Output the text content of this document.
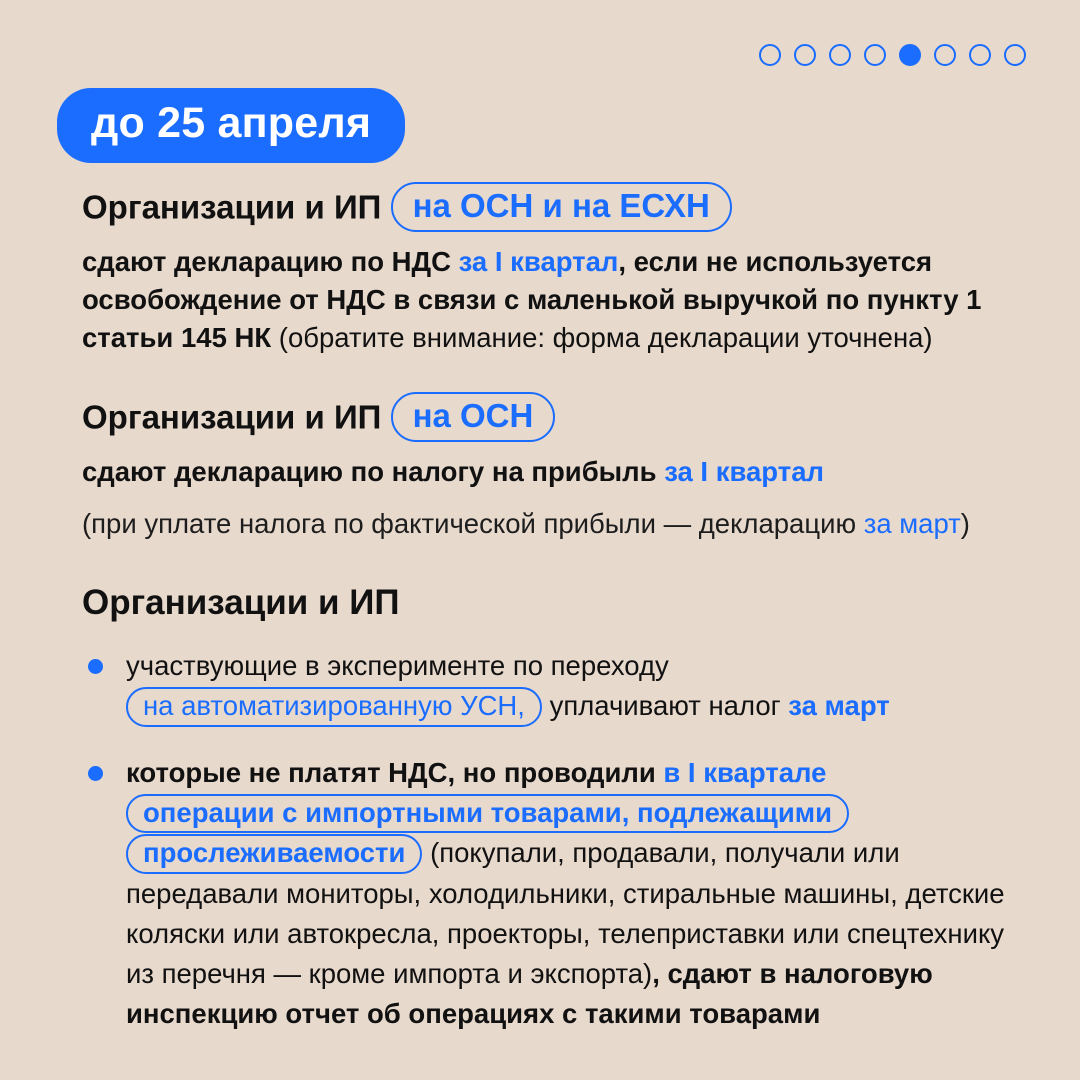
до 25 апреля
Организации и ИП на ОСН и на ЕСХН

сдают декларацию по НДС за I квартал, если не используется освобождение от НДС в связи с маленькой выручкой по пункту 1 статьи 145 НК (обратите внимание: форма декларации уточнена)

Организации и ИП на ОСН

сдают декларацию по налогу на прибыль за I квартал

(при уплате налога по фактической прибыли — декларацию за март)

Организации и ИП
участвующие в эксперименте по переходу
на автоматизированную УСН, уплачивают налог за март
которые не платят НДС, но проводили в I квартале
операции с импортными товарами, подлежащими
прослеживаемости (покупали, продавали, получали или передавали мониторы, холодильники, стиральные машины, детские коляски или автокресла, проекторы, телеприставки или спецтехнику из перечня — кроме импорта и экспорта), сдают в налоговую инспекцию отчет об операциях с такими товарами
